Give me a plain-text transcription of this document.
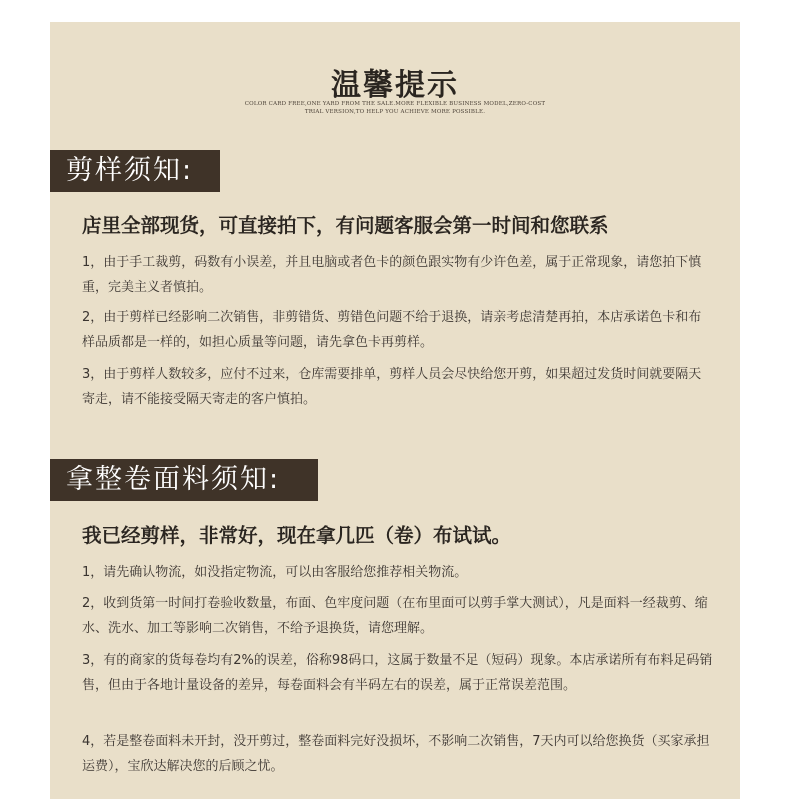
温馨提示
COLOR CARD FREE,ONE YARD FROM THE SALE.MORE FLEXIBLE BUSINESS MODEL,ZERO-COST
TRIAL VERSION,TO HELP YOU ACHIEVE MORE POSSIBLE.
剪样须知:
店里全部现货，可直接拍下，有问题客服会第一时间和您联系

1，由于手工裁剪，码数有小误差，并且电脑或者色卡的颜色跟实物有少许色差，属于正常现象，请您拍下慎重，完美主义者慎拍。

2，由于剪样已经影响二次销售，非剪错货、剪错色问题不给于退换，请亲考虑清楚再拍，本店承诺色卡和布样品质都是一样的，如担心质量等问题，请先拿色卡再剪样。

3，由于剪样人数较多，应付不过来，仓库需要排单，剪样人员会尽快给您开剪，如果超过发货时间就要隔天寄走，请不能接受隔天寄走的客户慎拍。

拿整卷面料须知:
我已经剪样，非常好，现在拿几匹（卷）布试试。

1，请先确认物流，如没指定物流，可以由客服给您推荐相关物流。

2，收到货第一时间打卷验收数量，布面、色牢度问题（在布里面可以剪手掌大测试），凡是面料一经裁剪、缩水、洗水、加工等影响二次销售，不给予退换货，请您理解。

3，有的商家的货每卷均有2%的误差，俗称98码口，这属于数量不足（短码）现象。本店承诺所有布料足码销售，但由于各地计量设备的差异，每卷面料会有半码左右的误差，属于正常误差范围。

4，若是整卷面料未开封，没开剪过，整卷面料完好没损坏，不影响二次销售，7天内可以给您换货（买家承担运费），宝欣达解决您的后顾之忧。
